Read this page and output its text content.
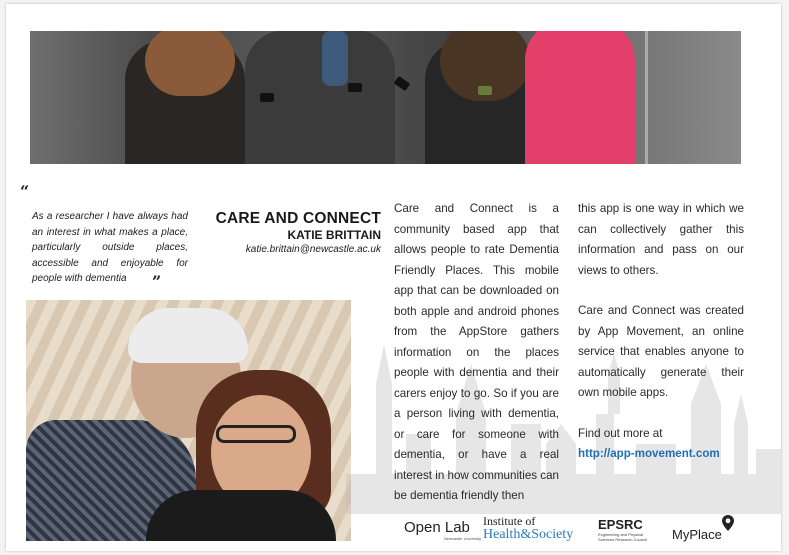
“
As a researcher I have always had an interest in what makes a place, particularly outside places, accessible and enjoyable for people with dementia	”
CARE AND CONNECT
KATIE BRITTAIN
katie.brittain@newcastle.ac.uk
Care and Connect is a community based app that allows people to rate Dementia Friendly Places. This mobile app that can be downloaded on both apple and android phones from the AppStore gathers information on the places people with dementia and their carers enjoy to go. So if you are a person living with dementia, or care for someone with dementia, or have a real interest in how communities can be dementia friendly then

this app is one way in which we can collectively gather this information and pass on our views to others.

Care and Connect was created by App Movement, an online service that enables anyone to automatically generate their own mobile apps.

Find out more at

http://app-movement.com
Open Lab
Newcastle University
Institute of
Health&Society
EPSRC
Engineering and Physical Sciences Research Council	MyPlace
